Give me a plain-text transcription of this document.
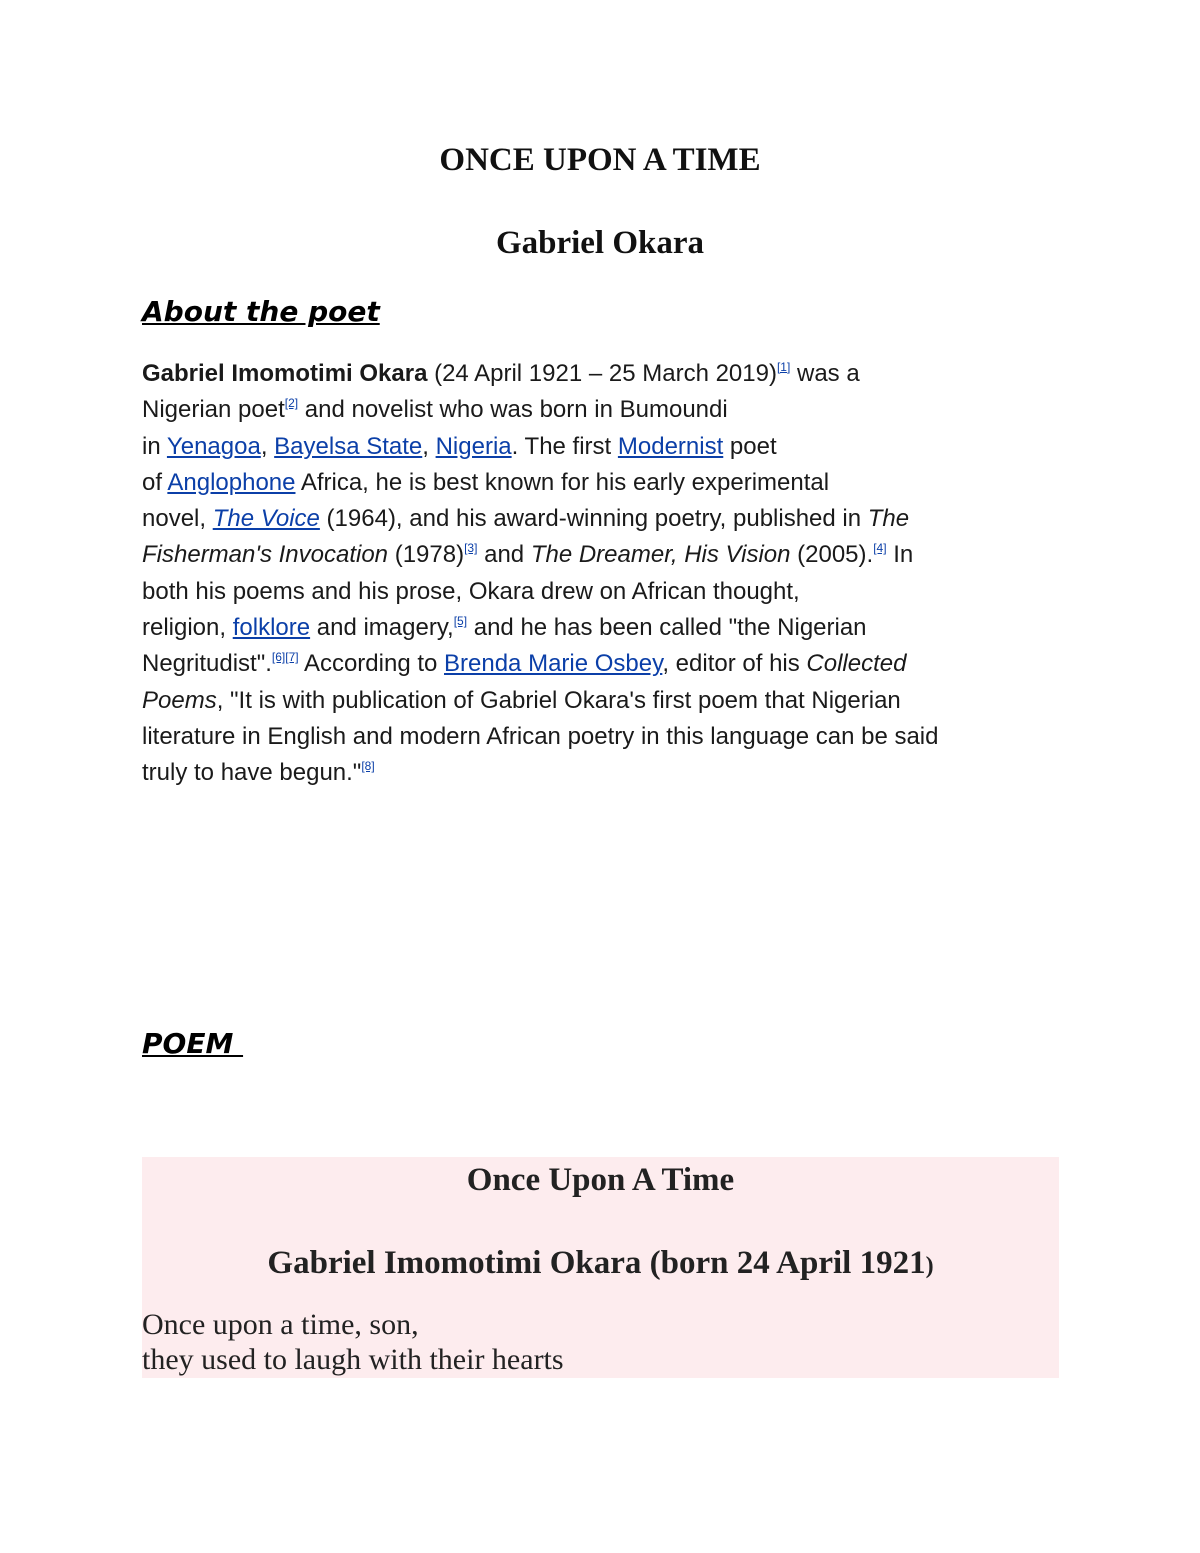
ONCE UPON A TIME
Gabriel Okara
About the poet
Gabriel Imomotimi Okara (24 April 1921 – 25 March 2019)[1] was a
Nigerian poet[2] and novelist who was born in Bumoundi
in Yenagoa, Bayelsa State, Nigeria. The first Modernist poet
of Anglophone Africa, he is best known for his early experimental
novel, The Voice (1964), and his award-winning poetry, published in The
Fisherman's Invocation (1978)[3] and The Dreamer, His Vision (2005).[4] In
both his poems and his prose, Okara drew on African thought,
religion, folklore and imagery,[5] and he has been called "the Nigerian
Negritudist".[6][7] According to Brenda Marie Osbey, editor of his Collected
Poems, "It is with publication of Gabriel Okara's first poem that Nigerian
literature in English and modern African poetry in this language can be said
truly to have begun."[8]
POEM
Once Upon A Time
Gabriel Imomotimi Okara (born 24 April 1921)
Once upon a time, son,
they used to laugh with their hearts
